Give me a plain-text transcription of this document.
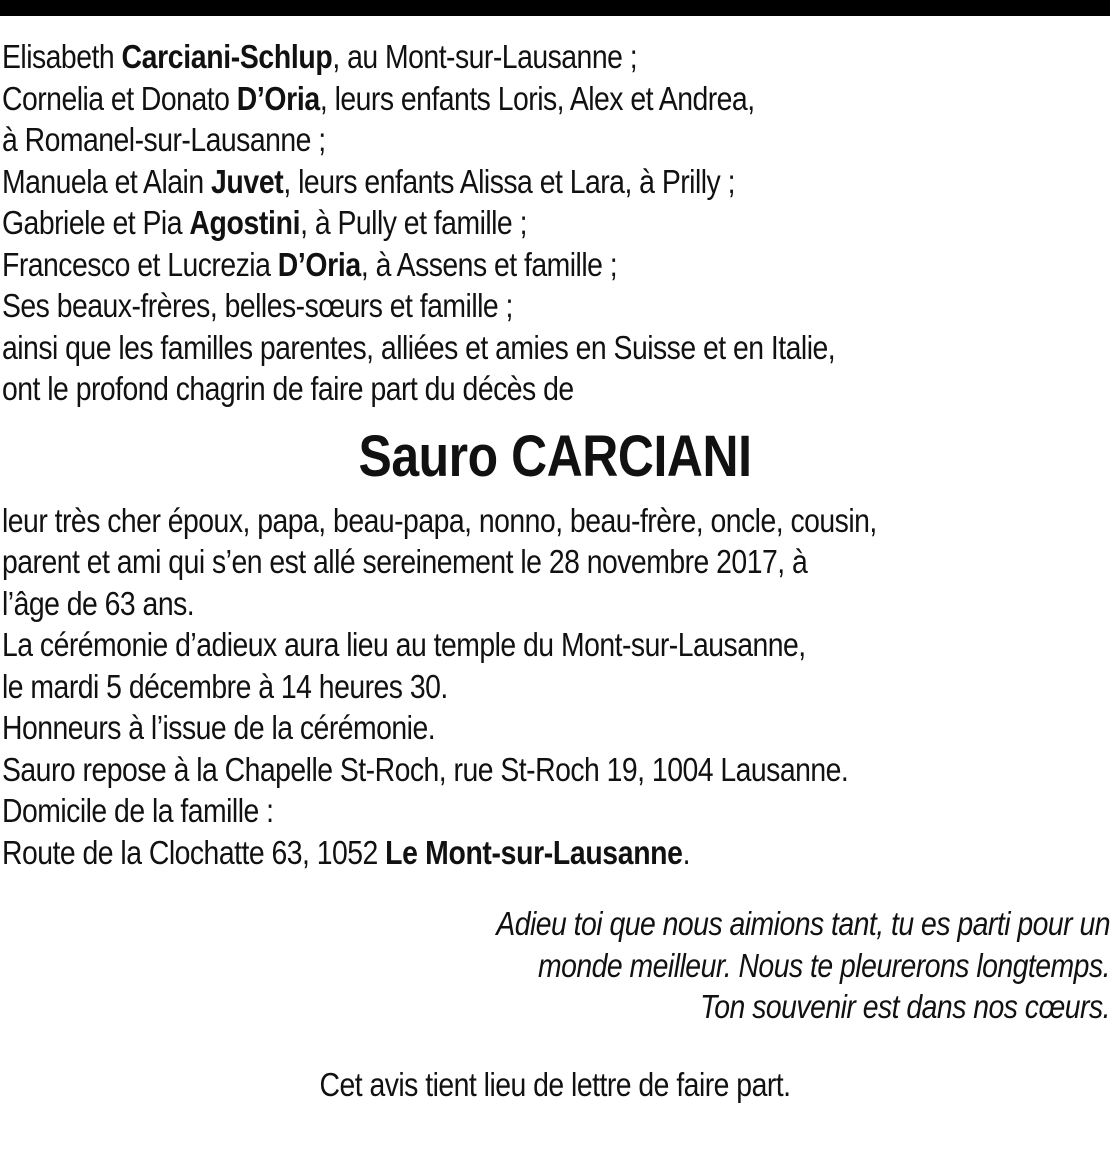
Elisabeth Carciani-Schlup, au Mont-sur-Lausanne ;
Cornelia et Donato D’Oria, leurs enfants Loris, Alex et Andrea,
à Romanel-sur-Lausanne ;
Manuela et Alain Juvet, leurs enfants Alissa et Lara, à Prilly ;
Gabriele et Pia Agostini, à Pully et famille ;
Francesco et Lucrezia D’Oria, à Assens et famille ;
Ses beaux-frères, belles-sœurs et famille ;
ainsi que les familles parentes, alliées et amies en Suisse et en Italie,
ont le profond chagrin de faire part du décès de
Sauro CARCIANI
leur très cher époux, papa, beau-papa, nonno, beau-frère, oncle, cousin,
parent et ami qui s’en est allé sereinement le 28 novembre 2017, à
l’âge de 63 ans.
La cérémonie d’adieux aura lieu au temple du Mont-sur-Lausanne,
le mardi 5 décembre à 14 heures 30.
Honneurs à l’issue de la cérémonie.
Sauro repose à la Chapelle St-Roch, rue St-Roch 19, 1004 Lausanne.
Domicile de la famille :
Route de la Clochatte 63, 1052 Le Mont-sur-Lausanne.
Adieu toi que nous aimions tant, tu es parti pour un
monde meilleur. Nous te pleurerons longtemps.
Ton souvenir est dans nos cœurs.
Cet avis tient lieu de lettre de faire part.
